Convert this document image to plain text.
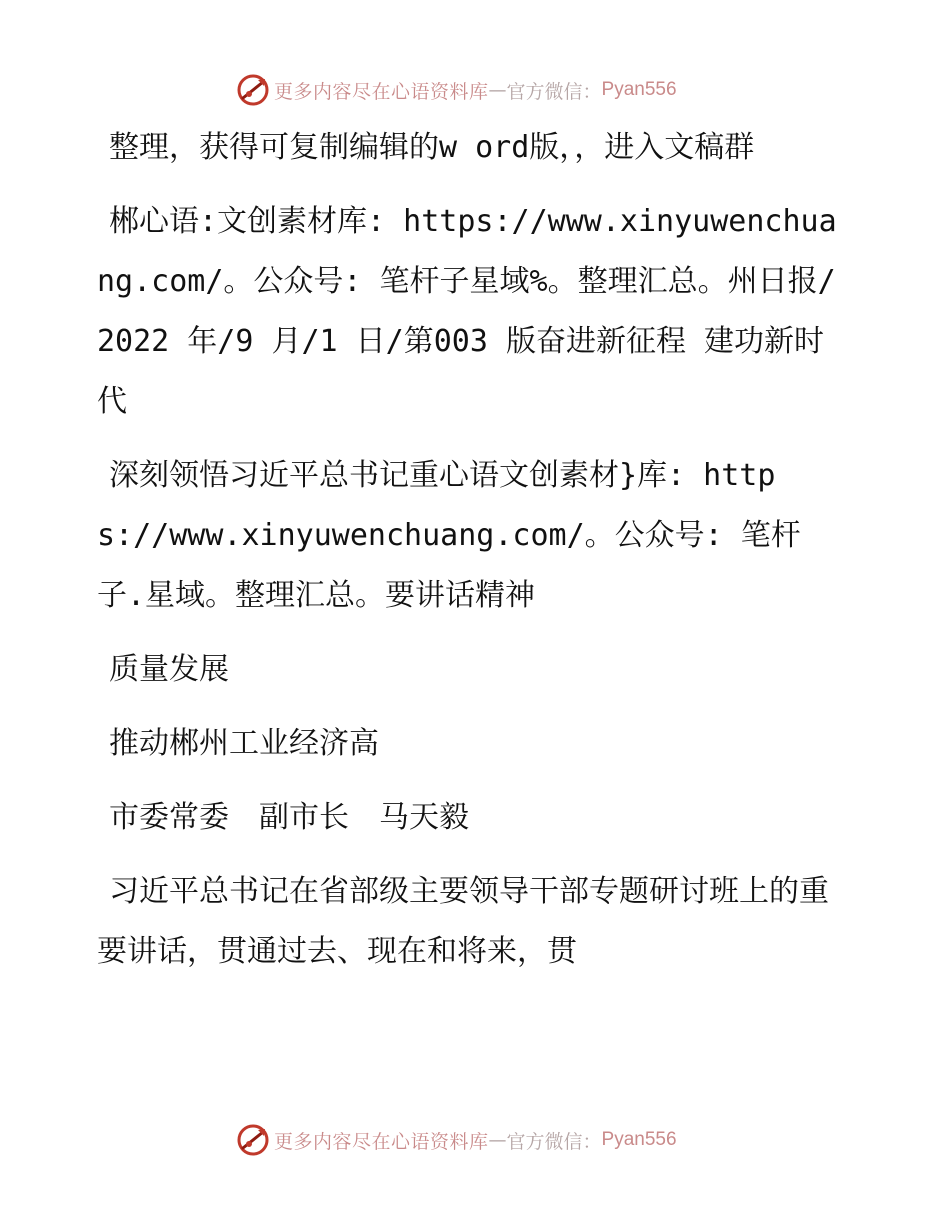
更多内容尽在心语资料库 — 官方微信： Pyan556

整理，获得可复制编辑的w ord版，，进入文稿群

郴心语:文创素材库: https://www.xinyuwenchuang.com/。公众号: 笔杆子星域%。整理汇总。州日报/2022 年/9 月/1 日/第003 版奋进新征程 建功新时代

深刻领悟习近平总书记重心语文创素材}库: https://www.xinyuwenchuang.com/。公众号: 笔杆子.星域。整理汇总。要讲话精神

质量发展

推动郴州工业经济高

市委常委　副市长　马天毅

习近平总书记在省部级主要领导干部专题研讨班上的重要讲话，贯通过去、现在和将来，贯

更多内容尽在心语资料库 — 官方微信： Pyan556
